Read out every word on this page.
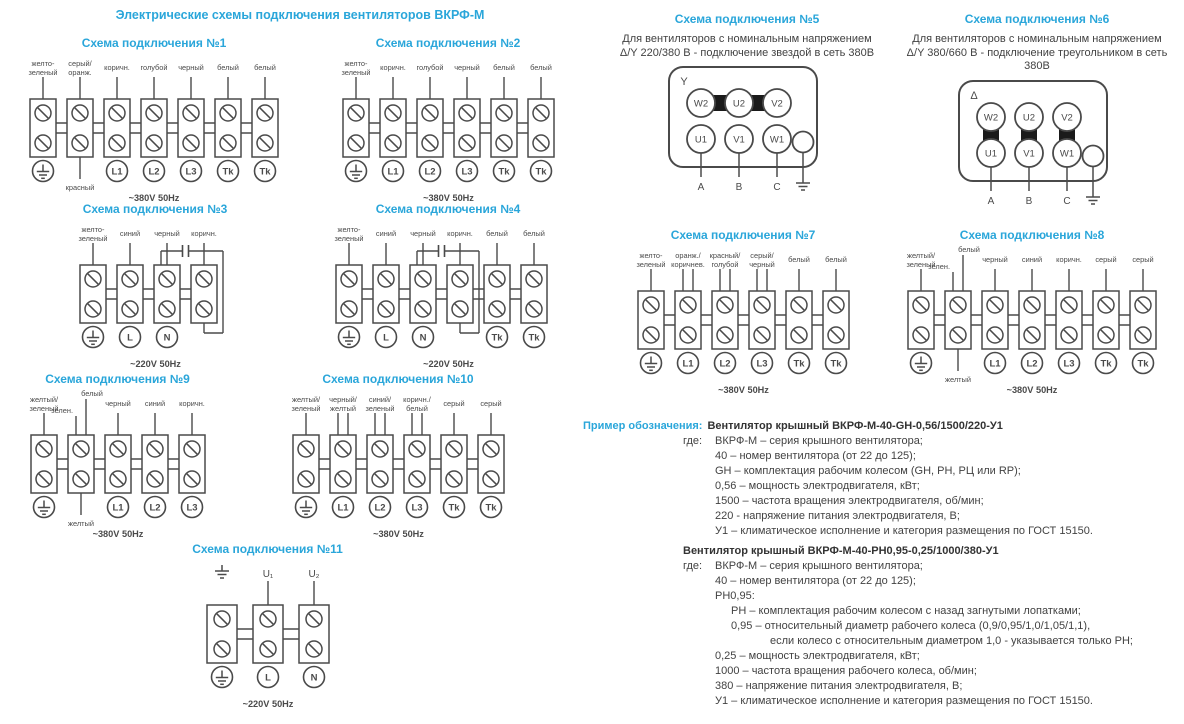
Электрические схемы подключения вентиляторов ВКРФ-М
Схема подключения №1
желто-
зеленый
серый/
оранж.
красный
коричн.
L1
голубой
L2
черный
L3
белый
Tk
белый
Tk
~380V 50Hz
Схема подключения №2
желто-
зеленый
коричн.
L1
голубой
L2
черный
L3
белый
Tk
белый
Tk
~380V 50Hz
Схема подключения №3
желто-
зеленый
синий
L
черный
N
коричн.
~220V 50Hz
Схема подключения №4
желто-
зеленый
синий
L
черный
N
коричн. белый
Tk
белый
Tk
~220V 50Hz
Схема подключения №5

Для вентиляторов с номинальным напряжением Δ/Y 220/380 В - подключение звездой в сеть 380В

Y
W2	U2	V2
U1
A
V1
B
W1
C
Схема подключения №6

Для вентиляторов с номинальным напряжением Δ/Y 380/660 В - подключение треугольником в сеть 380В

Δ
W2	U2	V2
U1
A
V1
B
W1
C
Схема подключения №7
желто-
зеленый
оранж./
коричнев.
L1
красный/
голубой
L2
серый/
черный
L3
белый
Tk
белый
Tk
~380V 50Hz
Схема подключения №8
желтый/
зеленый
зелен.
белый
желтый
черный
L1
синий
L2
коричн.
L3
серый
Tk
серый
Tk
~380V 50Hz
Схема подключения №9
желтый/
зеленый
зелен.
белый
желтый
черный
L1
синий
L2
коричн.
L3
~380V 50Hz
Схема подключения №10
желтый/
зеленый
черный/
желтый
L1
синий/
зеленый
L2
коричн./
белый
L3
серый
Tk
серый
Tk
~380V 50Hz
Схема подключения №11
U₁
L
U₂
N
~220V 50Hz
Пример обозначения: Вентилятор крышный ВКРФ-М-40-GH-0,56/1500/220-У1
где:	ВКРФ-М – серия крышного вентилятора;
40 – номер вентилятора (от 22 до 125);
GH – комплектация рабочим колесом (GH, РН, РЦ или RP);
0,56 – мощность электродвигателя, кВт;
1500 – частота вращения электродвигателя, об/мин;
220 - напряжение питания электродвигателя, В;
У1 – климатическое исполнение и категория размещения по ГОСТ 15150.
Вентилятор крышный ВКРФ-М-40-РН0,95-0,25/1000/380-У1
где:	ВКРФ-М – серия крышного вентилятора;
40 – номер вентилятора (от 22 до 125);
РН0,95:
РН – комплектация рабочим колесом с назад загнутыми лопатками;
0,95 – относительный диаметр рабочего колеса (0,9/0,95/1,0/1,05/1,1),
если колесо с относительным диаметром 1,0 - указывается только РН;
0,25 – мощность электродвигателя, кВт;
1000 – частота вращения рабочего колеса, об/мин;
380 – напряжение питания электродвигателя, В;
У1 – климатическое исполнение и категория размещения по ГОСТ 15150.
